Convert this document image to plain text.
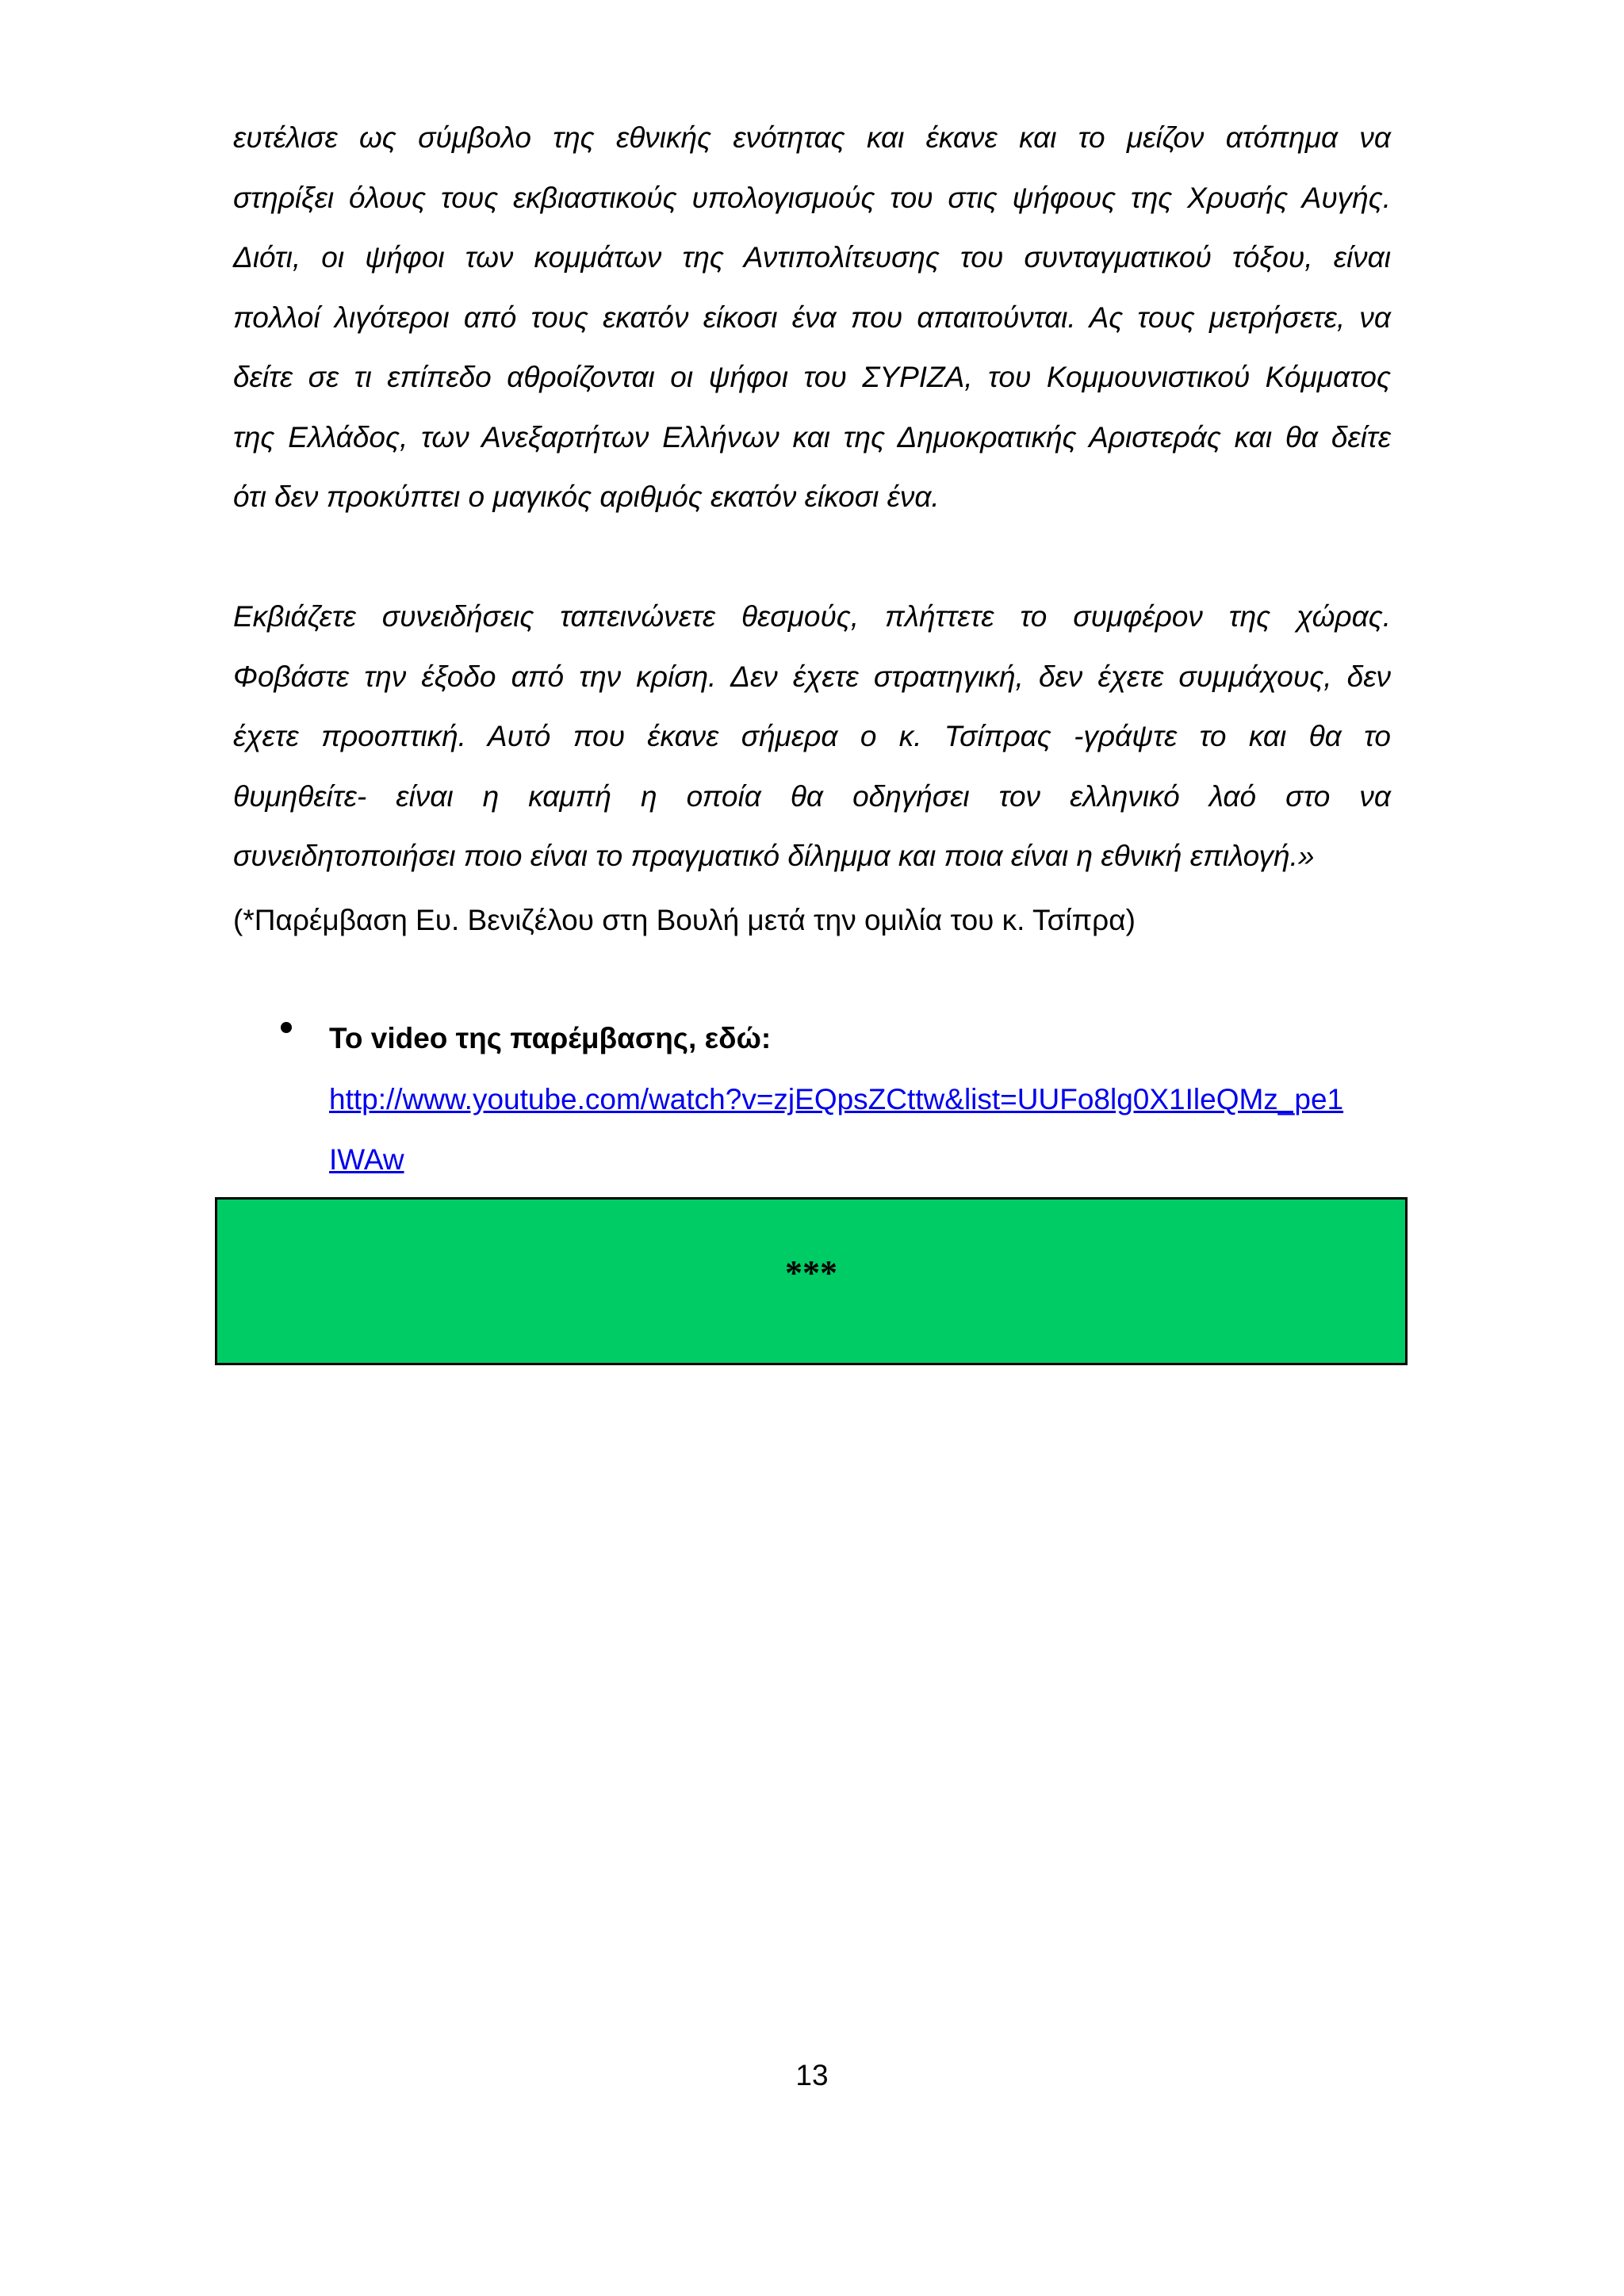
ευτέλισε ως σύμβολο της εθνικής ενότητας και έκανε και το μείζον ατόπημα να
στηρίξει όλους τους εκβιαστικούς υπολογισμούς του στις ψήφους της Χρυσής Αυγής.
Διότι, οι ψήφοι των κομμάτων της Αντιπολίτευσης του συνταγματικού τόξου, είναι
πολλοί λιγότεροι από τους εκατόν είκοσι ένα που απαιτούνται. Ας τους μετρήσετε, να
δείτε σε τι επίπεδο αθροίζονται οι ψήφοι του ΣΥΡΙΖΑ, του Κομμουνιστικού Κόμματος
της Ελλάδος, των Ανεξαρτήτων Ελλήνων και της Δημοκρατικής Αριστεράς και θα δείτε
ότι δεν προκύπτει ο μαγικός αριθμός εκατόν είκοσι ένα.
Εκβιάζετε συνειδήσεις ταπεινώνετε θεσμούς, πλήττετε το συμφέρον της χώρας.
Φοβάστε την έξοδο από την κρίση. Δεν έχετε στρατηγική, δεν έχετε συμμάχους, δεν
έχετε προοπτική. Αυτό που έκανε σήμερα ο κ. Τσίπρας -γράψτε το και θα το
θυμηθείτε- είναι η καμπή η οποία θα οδηγήσει τον ελληνικό λαό στο να
συνειδητοποιήσει ποιο είναι το πραγματικό δίλημμα και ποια είναι η εθνική επιλογή.»
(*Παρέμβαση Ευ. Βενιζέλου στη Βουλή μετά την ομιλία του κ. Τσίπρα)
Το video της παρέμβασης, εδώ:
http://www.youtube.com/watch?v=zjEQpsZCttw&list=UUFo8lg0X1IleQMz_pe1
IWAw
***
13
